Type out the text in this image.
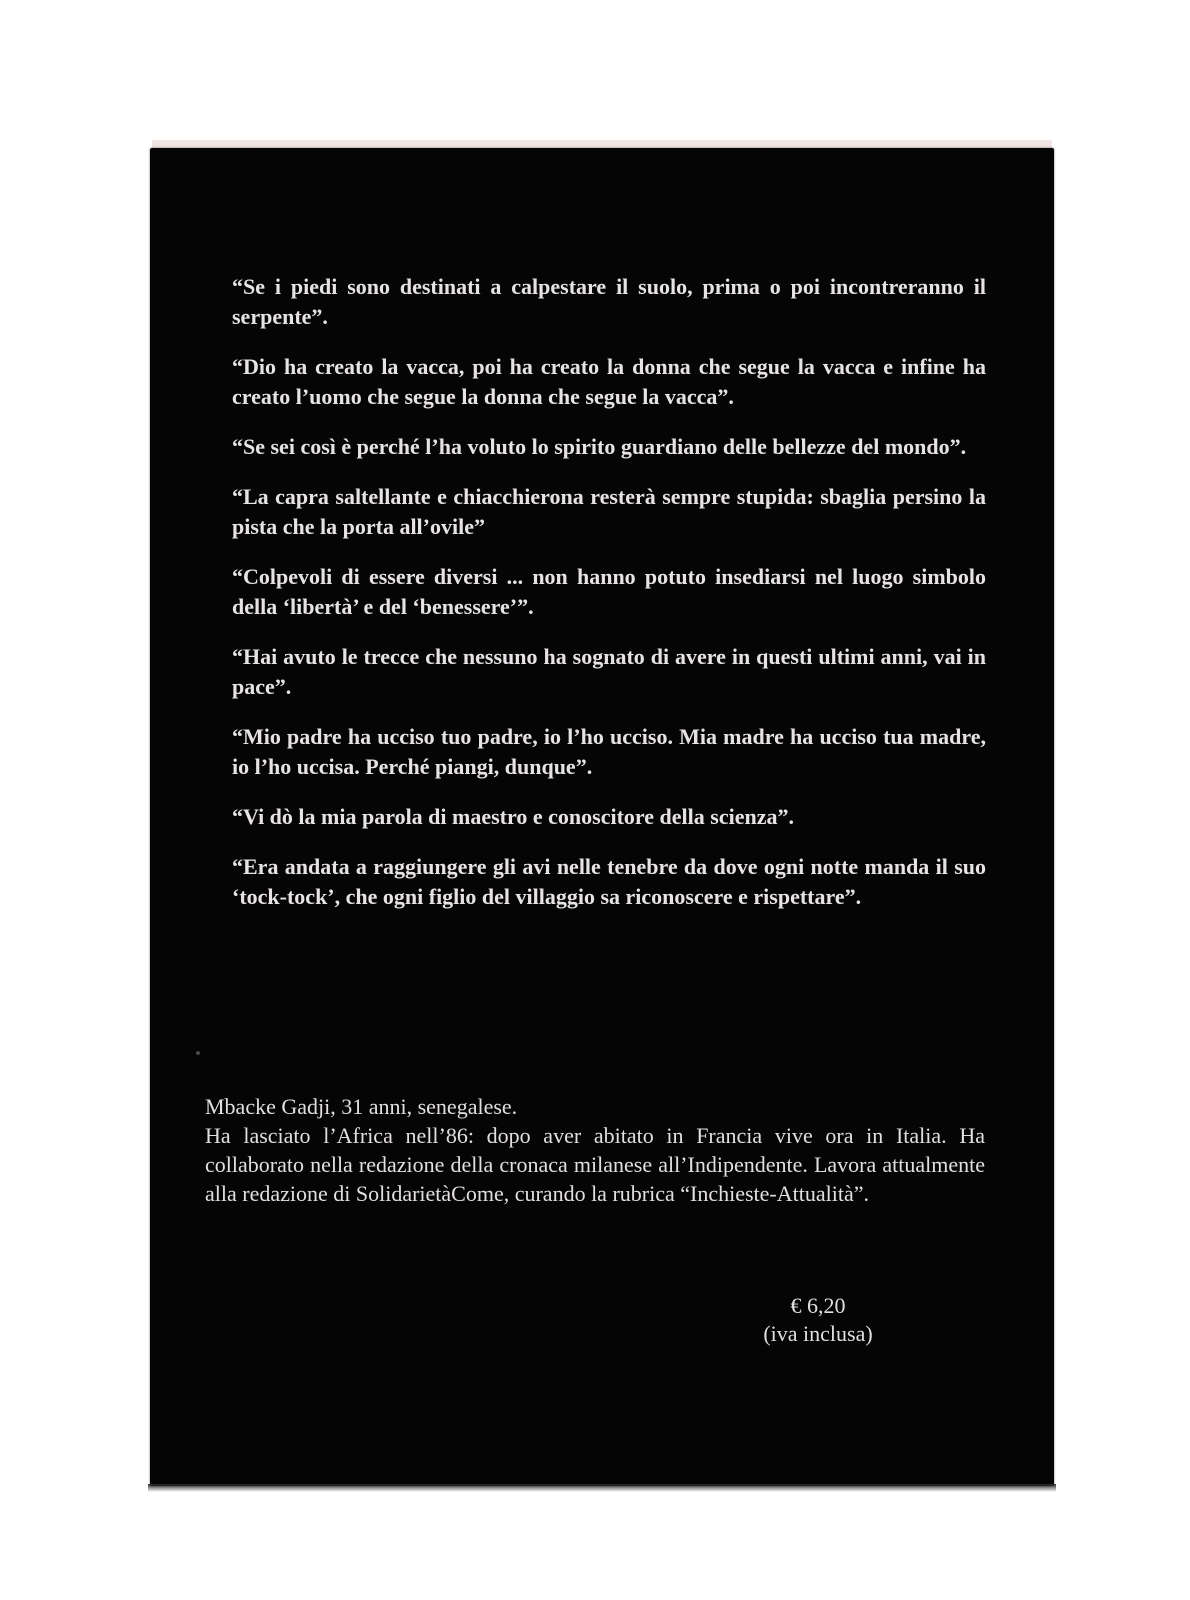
“Se i piedi sono destinati a calpestare il suolo, prima o poi incontreranno il serpente”.

“Dio ha creato la vacca, poi ha creato la donna che segue la vacca e infine ha creato l’uomo che segue la donna che segue la vacca”.

“Se sei così è perché l’ha voluto lo spirito guardiano delle bellezze del mondo”.

“La capra saltellante e chiacchierona resterà sempre stupida: sbaglia persino la pista che la porta all’ovile”

“Colpevoli di essere diversi ... non hanno potuto insediarsi nel luogo simbolo della ‘libertà’ e del ‘benessere’”.

“Hai avuto le trecce che nessuno ha sognato di avere in questi ultimi anni, vai in pace”.

“Mio padre ha ucciso tuo padre, io l’ho ucciso. Mia madre ha ucciso tua madre, io l’ho uccisa. Perché piangi, dunque”.

“Vi dò la mia parola di maestro e conoscitore della scienza”.

“Era andata a raggiungere gli avi nelle tenebre da dove ogni notte manda il suo ‘tock-tock’, che ogni figlio del villaggio sa riconoscere e rispettare”.

Mbacke Gadji, 31 anni, senegalese.

Ha lasciato l’Africa nell’86: dopo aver abitato in Francia vive ora in Italia. Ha collaborato nella redazione della cronaca milanese all’Indipendente. Lavora attualmente alla redazione di SolidarietàCome, curando la rubrica “Inchieste-Attualità”.

€ 6,20
(iva inclusa)
